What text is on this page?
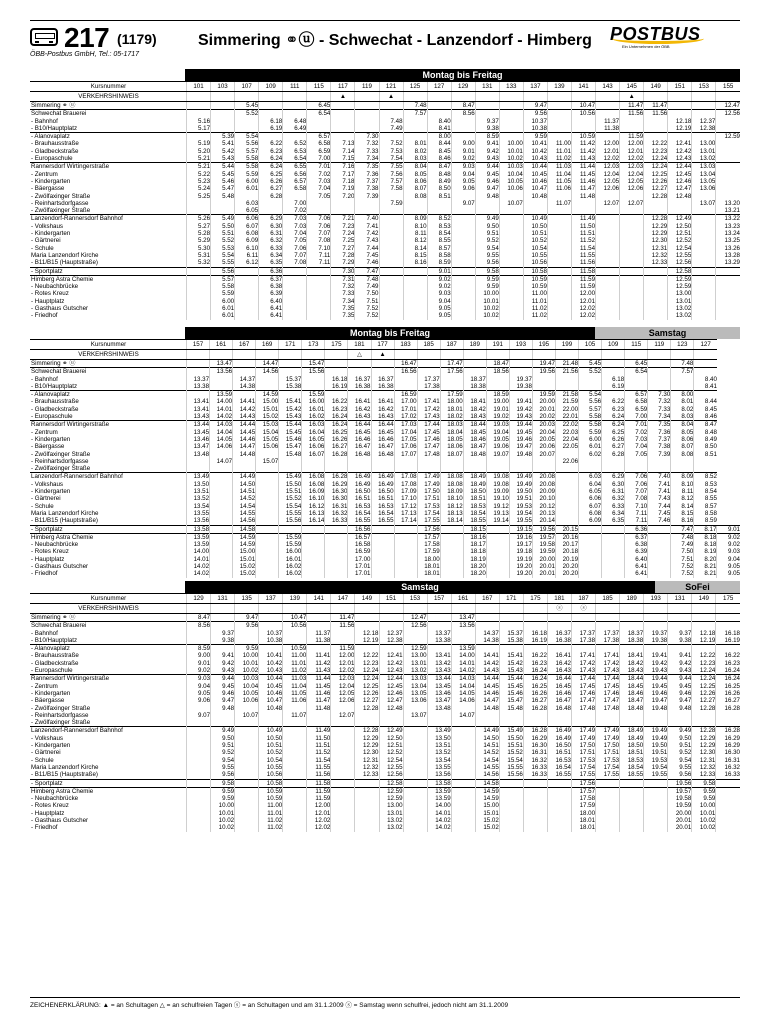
217 (1179)	Simmering ⚭ⓤ - Schwechat - Lanzendorf - Himberg POSTBUS
Ein Unternehmen der ÖBB
ÖBB-Postbus GmbH, Tel.: 05-1717
Montag bis Freitag
Kursnummer	101	103	107	109	111	115	117	119	121	125	127	129	131	133	137	139	141	143	145	149	151	153	155
VERKEHRSHINWEIS							▲		▲										▲				
Simmering ⚭ ⓤ			5.45			6.45				7.48		8.47			9.47		10.47		11.47	11.47			12.47
Schwechat Brauerei			5.52			6.54				7.57		8.56			9.56		10.56		11.56	11.56			12.56
- Bahnhof	5.16			6.18	6.48				7.48		8.40		9.37		10.37			11.37			12.18	12.37	
- B10/Hauptplatz	5.17			6.19	6.49				7.49		8.41		9.38		10.38			11.38			12.19	12.38	
- Alanovaplatz		5.39	5.54			6.57		7.30			8.00		8.59		9.59		10.59		11.59				12.59
- Brauhausstraße	5.19	5.41	5.56	6.22	6.52	6.58	7.13	7.32	7.52	8.01	8.44	9.00	9.41	10.00	10.41	11.00	11.42	12.00	12.00	12.22	12.41	13.00	
- Gladbeckstraße	5.20	5.42	5.57	6.23	6.53	6.59	7.14	7.33	7.53	8.02	8.45	9.01	9.42	10.01	10.42	11.01	11.42	12.01	12.01	12.23	12.42	13.01	
- Europaschule	5.21	5.43	5.58	6.24	6.54	7.00	7.15	7.34	7.54	8.03	8.46	9.02	9.43	10.02	10.43	11.02	11.43	12.02	12.02	12.24	12.43	13.02	
Rannersdorf Wirtingerstraße	5.21	5.44	5.58	6.24	6.55	7.01	7.16	7.35	7.55	8.04	8.47	9.03	9.44	10.03	10.44	11.03	11.44	12.03	12.03	12.24	12.44	13.03	
- Zentrum	5.22	5.45	5.59	6.25	6.56	7.02	7.17	7.36	7.56	8.05	8.48	9.04	9.45	10.04	10.45	11.04	11.45	12.04	12.04	12.25	12.45	13.04	
- Kindergarten	5.23	5.46	6.00	6.26	6.57	7.03	7.18	7.37	7.57	8.06	8.49	9.05	9.46	10.05	10.46	11.05	11.46	12.05	12.05	12.26	12.46	13.05	
- Bäergasse	5.24	5.47	6.01	6.27	6.58	7.04	7.19	7.38	7.58	8.07	8.50	9.06	9.47	10.06	10.47	11.06	11.47	12.06	12.06	12.27	12.47	13.06	
- Zwölfaxinger Straße	5.25	5.48		6.28		7.05	7.20	7.39		8.08	8.51		9.48		10.48		11.48			12.28	12.48		
- Reinhartsdorfgasse			6.03		7.00				7.59			9.07		10.07		11.07		12.07	12.07			13.07	13.20
- Zwölfaxinger Straße			6.05		7.02																		13.21
Lanzendorf-Rannersdorf Bahnhof	5.26	5.49	6.06	6.29	7.03	7.06	7.21	7.40		8.09	8.52		9.49		10.49		11.49			12.28	12.49		13.22
- Volkshaus	5.27	5.50	6.07	6.30	7.03	7.06	7.23	7.41		8.10	8.53		9.50		10.50		11.50			12.29	12.50		13.23
- Kindergarten	5.28	5.51	6.08	6.31	7.04	7.07	7.24	7.42		8.11	8.54		9.51		10.51		11.51			12.29	12.51		13.24
- Gärtnerei	5.29	5.52	6.09	6.32	7.05	7.08	7.25	7.43		8.12	8.55		9.52		10.52		11.52			12.30	12.52		13.25
- Schule	5.30	5.53	6.10	6.33	7.06	7.10	7.27	7.44		8.14	8.57		9.54		10.54		11.54			12.31	12.54		13.26
Maria Lanzendorf Kirche	5.31	5.54	6.11	6.34	7.07	7.11	7.28	7.45		8.15	8.58		9.55		10.55		11.55			12.32	12.55		13.28
- B11/B15 (Hauptstraße)	5.32	5.55	6.12	6.35	7.08	7.11	7.29	7.46		8.16	8.59		9.56		10.56		11.56			12.33	12.56		13.29
- Sportplatz		5.56		6.36			7.30	7.47			9.01		9.58		10.58		11.58				12.58		
Himberg Astra Chemie		5.57		6.37			7.31	7.48			9.02		9.59		10.59		11.59				12.59		
- Neubachbrücke		5.58		6.38			7.32	7.49			9.02		9.59		10.59		11.59				12.59		
- Rotes Kreuz		5.59		6.39			7.33	7.50			9.03		10.00		11.00		12.00				13.00		
- Hauptplatz		6.00		6.40			7.34	7.51			9.04		10.01		11.01		12.01				13.01		
- Gasthaus Gutscher		6.01		6.41			7.35	7.52			9.05		10.02		11.02		12.02				13.02		
- Friedhof		6.01		6.41			7.35	7.52			9.05		10.02		11.02		12.02				13.02		
Montag bis Freitag	Samstag
Kursnummer	157	161	167	169	171	173	175	181	177	183	185	187	189	191	193	195	199	105	109	115	119	123	127	
VERKEHRSHINWEIS								△	▲															
Simmering ⚭ ⓤ		13.47		14.47		15.47				16.47		17.47		18.47		19.47	21.48	5.45		6.45		7.48		
Schwechat Brauerei		13.56		14.56		15.56				16.56		17.56		18.56		19.56	21.56	5.52		6.54		7.57		
- Bahnhof	13.37		14.37		15.37		16.18	16.37	16.37		17.37		18.37		19.37				6.18				8.40	
- B10/Hauptplatz	13.38		14.38		15.38		16.19	16.38	16.38		17.38		18.38		19.38				6.19				8.41	
- Alanovaplatz		13.59		14.59		15.59				16.59		17.59		18.59		19.59	21.58	5.54		6.57	7.30	8.00		
- Brauhausstraße	13.41	14.00	14.41	15.00	15.41	16.00	16.22	16.41	16.41	17.00	17.41	18.00	18.41	19.00	19.41	20.00	21.59	5.56	6.22	6.58	7.32	8.01	8.44	
- Gladbeckstraße	13.41	14.01	14.42	15.01	15.42	16.01	16.23	16.42	16.42	17.01	17.42	18.01	18.42	19.01	19.42	20.01	22.00	5.57	6.23	6.59	7.33	8.02	8.45	
- Europaschule	13.43	14.02	14.43	15.02	15.43	16.02	16.24	16.43	16.43	17.02	17.43	18.02	18.43	19.02	19.43	20.02	22.01	5.58	6.24	7.00	7.34	8.03	8.46	
Rannersdorf Wirtingerstraße	13.44	14.03	14.44	15.03	15.44	16.03	16.24	16.44	16.44	17.03	17.44	18.03	18.44	19.03	19.44	20.03	22.02	5.58	6.24	7.01	7.35	8.04	8.47	
- Zentrum	13.45	14.04	14.45	15.04	15.45	16.04	16.25	16.45	16.45	17.04	17.45	18.04	18.45	19.04	19.45	20.04	22.03	5.59	6.25	7.02	7.36	8.05	8.48	
- Kindergarten	13.46	14.05	14.46	15.05	15.46	16.05	16.26	16.46	16.46	17.05	17.46	18.05	18.46	19.05	19.46	20.05	22.04	6.00	6.26	7.03	7.37	8.06	8.49	
- Bäergasse	13.47	14.06	14.47	15.06	15.47	16.06	16.27	16.47	16.47	17.06	17.47	18.06	18.47	19.06	19.47	20.06	22.05	6.01	6.27	7.04	7.38	8.07	8.50	
- Zwölfaxinger Straße	13.48		14.48		15.48	16.07	16.28	16.48	16.48	17.07	17.48	18.07	18.48	19.07	19.48	20.07		6.02	6.28	7.05	7.39	8.08	8.51	
- Reinhartsdorfgasse		14.07		15.07													22.06							
- Zwölfaxinger Straße																								
Lanzendorf-Rannersdorf Bahnhof	13.49		14.49		15.49	16.08	16.28	16.49	16.49	17.08	17.49	18.08	18.49	19.08	19.49	20.08		6.03	6.29	7.06	7.40	8.09	8.52	
- Volkshaus	13.50		14.50		15.50	16.08	16.29	16.49	16.49	17.08	17.49	18.08	18.49	19.08	19.49	20.08		6.04	6.30	7.06	7.41	8.10	8.53	
- Kindergarten	13.51		14.51		15.51	16.09	16.30	16.50	16.50	17.09	17.50	18.09	18.50	19.09	19.50	20.09		6.05	6.31	7.07	7.41	8.11	8.54	
- Gärtnerei	13.52		14.52		15.52	16.10	16.30	16.51	16.51	17.10	17.51	18.10	18.51	19.10	19.51	20.10		6.06	6.32	7.08	7.43	8.12	8.55	
- Schule	13.54		14.54		15.54	16.12	16.31	16.53	16.53	17.12	17.53	18.12	18.53	19.12	19.53	20.12		6.07	6.33	7.10	7.44	8.14	8.57	
Maria Lanzendorf Kirche	13.55		14.55		15.55	16.13	16.32	16.54	16.54	17.13	17.54	18.13	18.54	19.13	19.54	20.13		6.08	6.34	7.11	7.45	8.15	8.58	
- B11/B15 (Hauptstraße)	13.56		14.56		15.56	16.14	16.33	16.55	16.55	17.14	17.55	18.14	18.55	19.14	19.55	20.14		6.09	6.35	7.11	7.46	8.16	8.59	
- Sportplatz	13.58		14.58					16.56			17.56		18.15		19.15	19.56	20.15			6.36		7.47	8.17	9.01
Himberg Astra Chemie	13.59		14.59		15.59			16.57			17.57		18.16		19.16	19.57	20.16			6.37		7.48	8.18	9.02
- Neubachbrücke	13.59		14.59		15.59			16.58			17.58		18.17		19.17	19.58	20.17			6.38		7.49	8.18	9.02
- Rotes Kreuz	14.00		15.00		16.00			16.59			17.59		18.18		19.18	19.59	20.18			6.39		7.50	8.19	9.03
- Hauptplatz	14.01		15.01		16.01			17.00			18.00		18.19		19.19	20.00	20.19			6.40		7.51	8.20	9.04
- Gasthaus Gutscher	14.02		15.02		16.02			17.01			18.01		18.20		19.20	20.01	20.20			6.41		7.52	8.21	9.05
- Friedhof	14.02		15.02		16.02			17.01			18.01		18.20		19.20	20.01	20.20			6.41		7.52	8.21	9.05
Samstag	SoFei
Kursnummer	129	131	135	137	139	141	147	149	151	153	157	161	167	171	175	181	187	185	189	193	131	149	175
VERKEHRSHINWEIS																ⓢ	ⓢ						
Simmering ⚭ ⓤ	8.47		9.47		10.47		11.47			12.47		13.47											
Schwechat Brauerei	8.56		9.56		10.56		11.56			12.56		13.56											
- Bahnhof		9.37		10.37		11.37		12.18	12.37		13.37		14.37	15.37	16.18	16.37	17.37	17.37	18.37	19.37	9.37	12.18	16.18
- B10/Hauptplatz		9.38		10.38		11.38		12.19	12.38		13.38		14.38	15.38	16.19	16.38	17.38	17.38	18.38	19.38	9.38	12.19	16.19
- Alanovaplatz	8.59		9.59		10.59		11.59			12.59		13.59											
- Brauhausstraße	9.00	9.41	10.00	10.41	11.00	11.41	12.00	12.22	12.41	13.00	13.41	14.00	14.41	15.41	16.22	16.41	17.41	17.41	18.41	19.41	9.41	12.22	16.22
- Gladbeckstraße	9.01	9.42	10.01	10.42	11.01	11.42	12.01	12.23	12.42	13.01	13.42	14.01	14.42	15.42	16.23	16.42	17.42	17.42	18.42	19.42	9.42	12.23	16.23
- Europaschule	9.02	9.43	10.02	10.43	11.02	11.43	12.02	12.24	12.43	13.02	13.43	14.02	14.43	15.43	16.24	16.43	17.43	17.43	18.43	19.43	9.43	12.24	16.24
Rannersdorf Wirtingerstraße	9.03	9.44	10.03	10.44	11.03	11.44	12.03	12.24	12.44	13.03	13.44	14.03	14.44	15.44	16.24	16.44	17.44	17.44	18.44	19.44	9.44	12.24	16.24
- Zentrum	9.04	9.45	10.04	10.45	11.04	11.45	12.04	12.25	12.45	13.04	13.45	14.04	14.45	15.45	16.25	16.45	17.45	17.45	18.45	19.45	9.45	12.25	16.25
- Kindergarten	9.05	9.46	10.05	10.46	11.05	11.46	12.05	12.26	12.46	13.05	13.46	14.05	14.46	15.46	16.26	16.46	17.46	17.46	18.46	19.46	9.46	12.26	16.26
- Bäergasse	9.06	9.47	10.06	10.47	11.06	11.47	12.06	12.27	12.47	13.06	13.47	14.06	14.47	15.47	16.27	16.47	17.47	17.47	18.47	19.47	9.47	12.27	16.27
- Zwölfaxinger Straße		9.48		10.48		11.48		12.28	12.48		13.48		14.48	15.48	16.28	16.48	17.48	17.48	18.48	19.48	9.48	12.28	16.28
- Reinhartsdorfgasse	9.07		10.07		11.07		12.07			13.07		14.07											
- Zwölfaxinger Straße																							
Lanzendorf-Rannersdorf Bahnhof		9.49		10.49		11.49		12.28	12.49		13.49		14.49	15.49	16.28	16.49	17.49	17.49	18.49	19.49	9.49	12.28	16.28
- Volkshaus		9.50		10.50		11.50		12.29	12.50		13.50		14.50	15.50	16.29	16.49	17.49	17.49	18.49	19.49	9.50	12.29	16.29
- Kindergarten		9.51		10.51		11.51		12.29	12.51		13.51		14.51	15.51	16.30	16.50	17.50	17.50	18.50	19.50	9.51	12.29	16.29
- Gärtnerei		9.52		10.52		11.52		12.30	12.52		13.52		14.52	15.52	16.31	16.51	17.51	17.51	18.51	19.51	9.52	12.30	16.30
- Schule		9.54		10.54		11.54		12.31	12.54		13.54		14.54	15.54	16.32	16.53	17.53	17.53	18.53	19.53	9.54	12.31	16.31
Maria Lanzendorf Kirche		9.55		10.55		11.55		12.32	12.55		13.55		14.55	15.55	16.33	16.54	17.54	17.54	18.54	19.54	9.55	12.32	16.32
- B11/B15 (Hauptstraße)		9.56		10.56		11.56		12.33	12.56		13.56		14.56	15.56	16.33	16.55	17.55	17.55	18.55	19.55	9.56	12.33	16.33
- Sportplatz		9.58		10.58		11.58			12.58		13.58		14.58				17.56				19.56	9.58	
Himberg Astra Chemie		9.59		10.59		11.59			12.59		13.59		14.59				17.57				19.57	9.59	
- Neubachbrücke		9.59		10.59		11.59			12.59		13.59		14.59				17.58				19.58	9.59	
- Rotes Kreuz		10.00		11.00		12.00			13.00		14.00		15.00				17.59				19.59	10.00	
- Hauptplatz		10.01		11.01		12.01			13.01		14.01		15.01				18.00				20.00	10.01	
- Gasthaus Gutscher		10.02		11.02		12.02			13.02		14.02		15.02				18.01				20.01	10.02	
- Friedhof		10.02		11.02		12.02			13.02		14.02		15.02				18.01				20.01	10.02	
ZEICHENERKLÄRUNG: ▲ = an Schultagen △ = an schulfreien Tagen ⓢ = an Schultagen und am 31.1.2009 ⓢ = Samstag wenn schulfrei, jedoch nicht am 31.1.2009
